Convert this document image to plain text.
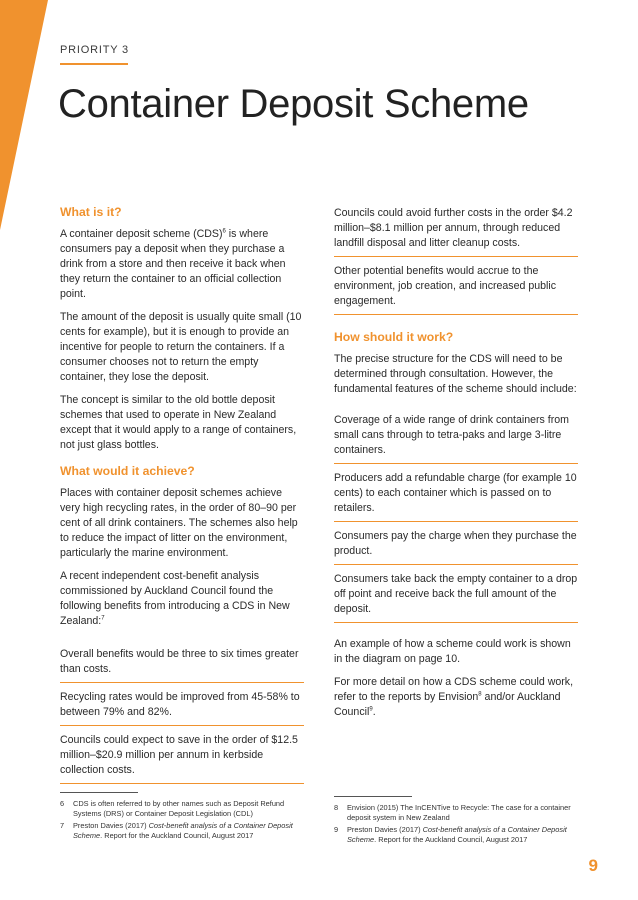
PRIORITY 3
Container Deposit Scheme
What is it?

A container deposit scheme (CDS)$^6$ is where consumers pay a deposit when they purchase a drink from a store and then receive it back when they return the container to an official collection point.

The amount of the deposit is usually quite small (10 cents for example), but it is enough to provide an incentive for people to return the containers. If a consumer chooses not to return the empty container, they lose the deposit.

The concept is similar to the old bottle deposit schemes that used to operate in New Zealand except that it would apply to a range of containers, not just glass bottles.

What would it achieve?

Places with container deposit schemes achieve very high recycling rates, in the order of 80–90 per cent of all drink containers. The schemes also help to reduce the impact of litter on the environment, particularly the marine environment.

A recent independent cost-benefit analysis commissioned by Auckland Council found the following benefits from introducing a CDS in New Zealand:$^7$

Overall benefits would be three to six times greater than costs.
Recycling rates would be improved from 45-58% to between 79% and 82%.
Councils could expect to save in the order of $12.5 million–$20.9 million per annum in kerbside collection costs.
Councils could avoid further costs in the order $4.2 million–$8.1 million per annum, through reduced landfill disposal and litter cleanup costs.
Other potential benefits would accrue to the environment, job creation, and increased public engagement.
How should it work?

The precise structure for the CDS will need to be determined through consultation. However, the fundamental features of the scheme should include:

Coverage of a wide range of drink containers from small cans through to tetra-paks and large 3-litre containers.
Producers add a refundable charge (for example 10 cents) to each container which is passed on to retailers.
Consumers pay the charge when they purchase the product.
Consumers take back the empty container to a drop off point and receive back the full amount of the deposit.

An example of how a scheme could work is shown in the diagram on page 10.

For more detail on how a CDS scheme could work, refer to the reports by Envision$^8$ and/or Auckland Council$^9$.

6	CDS is often referred to by other names such as Deposit Refund Systems (DRS) or Container Deposit Legislation (CDL)
7	Preston Davies (2017) Cost-benefit analysis of a Container Deposit Scheme. Report for the Auckland Council, August 2017
8	Envision (2015) The InCENTive to Recycle: The case for a container deposit system in New Zealand
9	Preston Davies (2017) Cost-benefit analysis of a Container Deposit Scheme. Report for the Auckland Council, August 2017
9
